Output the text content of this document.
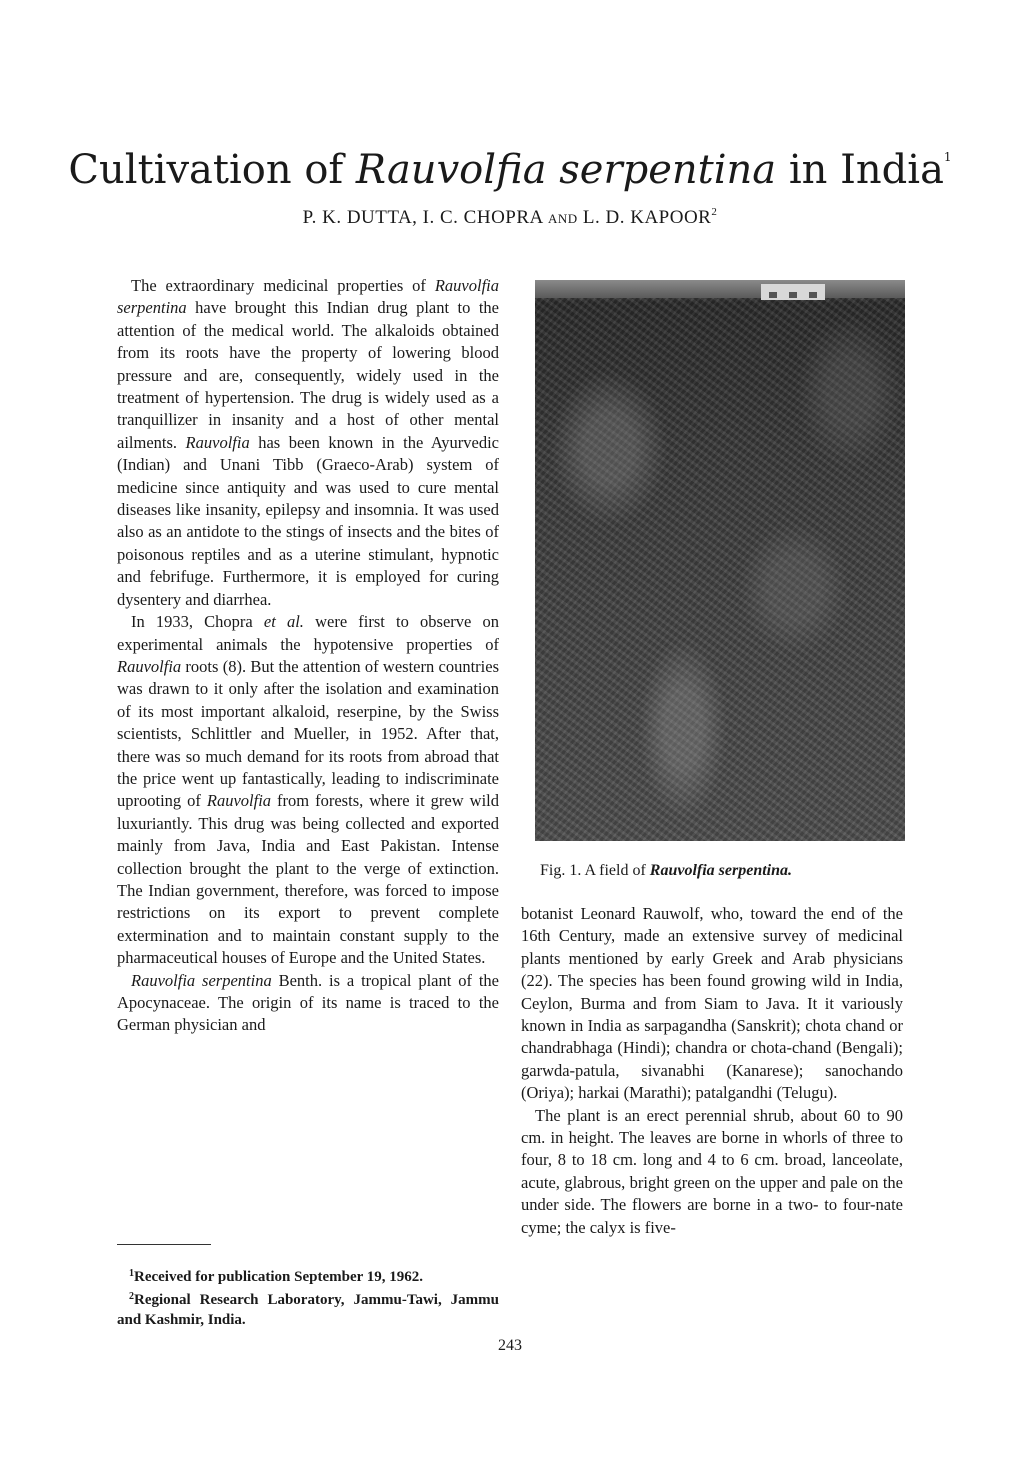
Cultivation of Rauvolfia serpentina in India$^1$
P. K. DUTTA, I. C. CHOPRA AND L. D. KAPOOR$^2$

The extraordinary medicinal properties of Rauvolfia serpentina have brought this Indian drug plant to the attention of the medical world. The alkaloids obtained from its roots have the property of lowering blood pressure and are, consequently, widely used in the treatment of hypertension. The drug is widely used as a tranquillizer in insanity and a host of other mental ailments. Rauvolfia has been known in the Ayurvedic (Indian) and Unani Tibb (Graeco-Arab) system of medicine since antiquity and was used to cure mental diseases like insanity, epilepsy and insomnia. It was used also as an antidote to the stings of insects and the bites of poisonous reptiles and as a uterine stimulant, hypnotic and febrifuge. Furthermore, it is employed for curing dysentery and diarrhea.

In 1933, Chopra et al. were first to observe on experimental animals the hypotensive properties of Rauvolfia roots (8). But the attention of western countries was drawn to it only after the isolation and examination of its most important alkaloid, reserpine, by the Swiss scientists, Schlittler and Mueller, in 1952. After that, there was so much demand for its roots from abroad that the price went up fantastically, leading to indiscriminate uprooting of Rauvolfia from forests, where it grew wild luxuriantly. This drug was being collected and exported mainly from Java, India and East Pakistan. Intense collection brought the plant to the verge of extinction. The Indian government, therefore, was forced to impose restrictions on its export to prevent complete extermination and to maintain constant supply to the pharmaceutical houses of Europe and the United States.

Rauvolfia serpentina Benth. is a tropical plant of the Apocynaceae. The origin of its name is traced to the German physician and

Fig. 1. A field of Rauvolfia serpentina.

botanist Leonard Rauwolf, who, toward the end of the 16th Century, made an extensive survey of medicinal plants mentioned by early Greek and Arab physicians (22). The species has been found growing wild in India, Ceylon, Burma and from Siam to Java. It it variously known in India as sarpagandha (Sanskrit); chota chand or chandrabhaga (Hindi); chandra or chota-chand (Bengali); garwda-patula, sivanabhi (Kanarese); sanochando (Oriya); harkai (Marathi); patalgandhi (Telugu).

The plant is an erect perennial shrub, about 60 to 90 cm. in height. The leaves are borne in whorls of three to four, 8 to 18 cm. long and 4 to 6 cm. broad, lanceolate, acute, glabrous, bright green on the upper and pale on the under side. The flowers are borne in a two- to four-nate cyme; the calyx is five-

$^1$Received for publication September 19, 1962.

$^2$Regional Research Laboratory, Jammu-Tawi, Jammu and Kashmir, India.

243
